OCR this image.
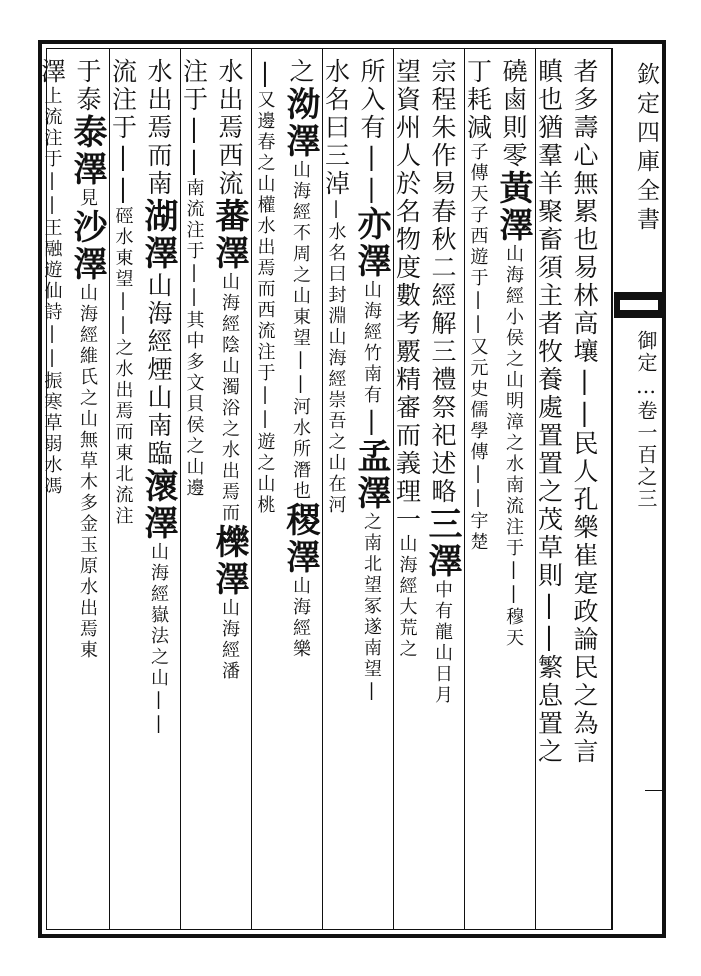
者多壽心無累也易林高壤||民人孔樂崔寔政論民之為言
瞋也猶羣羊聚畜須主者牧養處置置之茂草則||繁息置之
磽鹵則零黃澤山海經小侯之山明漳之水南流注于||穆天
丁耗減子傳天子西遊于||又元史儒學傳||宇楚
宗程朱作易春秋二經解三禮祭祀述略三澤中有龍山日月
望資州人於名物度數考覈精審而義理一山海經大荒之
所入有||亦澤山海經竹南有|孟澤之南北望冢遂南望|
水名曰三淖|水名曰封淵山海經崇吾之山在河
之泑澤山海經不周之山東望||河水所潛也稷澤山海經樂
|又邊春之山權水出焉而西流注于||遊之山桃
水出焉西流蕃澤山海經陰山濁浴之水出焉而櫟澤山海經潘
注于||南流注于||其中多文貝侯之山邊
水出焉而南湖澤山海經煙山南臨瀤澤山海經嶽法之山||
流注于||硜水東望||之水出焉而東北流注
于泰泰澤見沙澤山海經維氏之山無草木多金玉原水出焉東
澤上流注于||王融遊仙詩||振寒草弱水馮	欽定四庫全書
御定…卷一百之三
